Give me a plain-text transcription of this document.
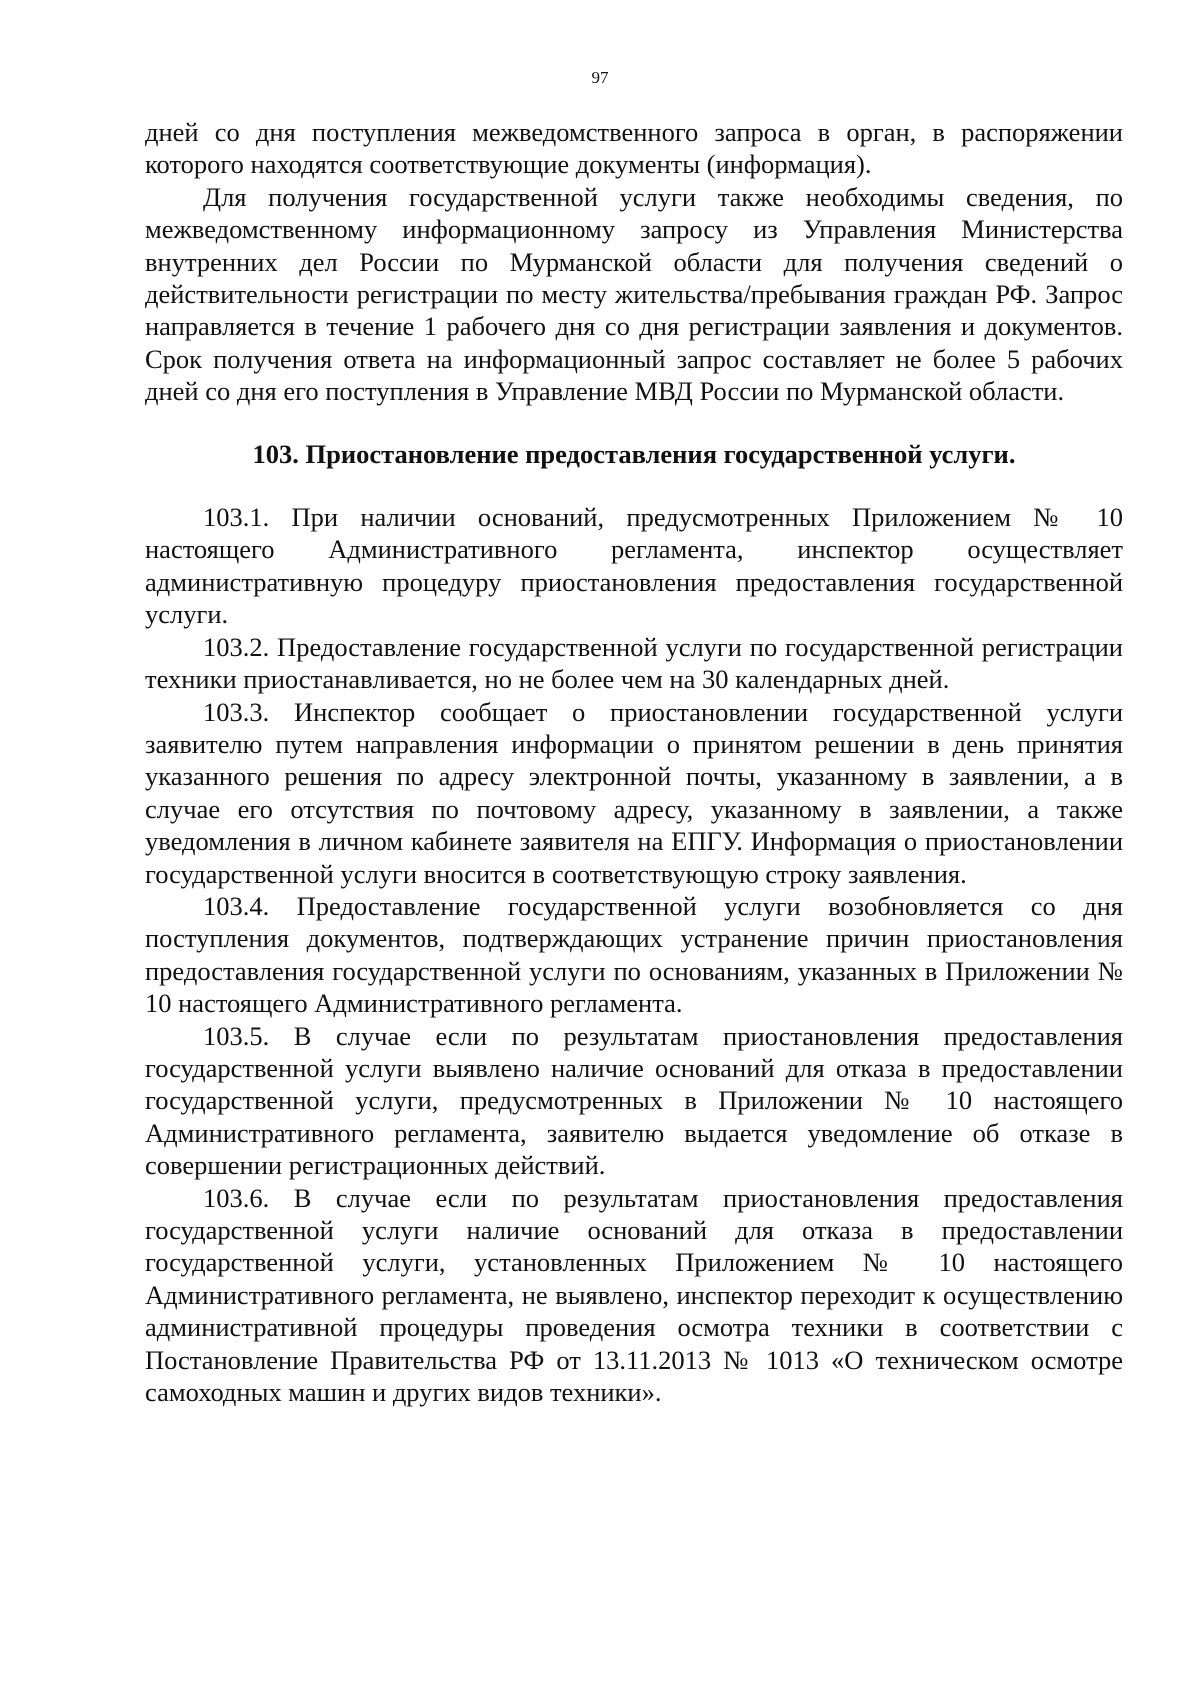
97

дней со дня поступления межведомственного запроса в орган, в распоряжении которого находятся соответствующие документы (информация).

Для получения государственной услуги также необходимы сведения, по межведомственному информационному запросу из Управления Министерства внутренних дел России по Мурманской области для получения сведений о действительности регистрации по месту жительства/пребывания граждан РФ. Запрос направляется в течение 1 рабочего дня со дня регистрации заявления и документов. Срок получения ответа на информационный запрос составляет не более 5 рабочих дней со дня его поступления в Управление МВД России по Мурманской области.

103. Приостановление предоставления государственной услуги.

103.1. При наличии оснований, предусмотренных Приложением № 10 настоящего Административного регламента, инспектор осуществляет административную процедуру приостановления предоставления государственной услуги.

103.2. Предоставление государственной услуги по государственной регистрации техники приостанавливается, но не более чем на 30 календарных дней.

103.3. Инспектор сообщает о приостановлении государственной услуги заявителю путем направления информации о принятом решении в день принятия указанного решения по адресу электронной почты, указанному в заявлении, а в случае его отсутствия по почтовому адресу, указанному в заявлении, а также уведомления в личном кабинете заявителя на ЕПГУ. Информация о приостановлении государственной услуги вносится в соответствующую строку заявления.

103.4. Предоставление государственной услуги возобновляется со дня поступления документов, подтверждающих устранение причин приостановления предоставления государственной услуги по основаниям, указанных в Приложении № 10 настоящего Административного регламента.

103.5. В случае если по результатам приостановления предоставления государственной услуги выявлено наличие оснований для отказа в предоставлении государственной услуги, предусмотренных в Приложении № 10 настоящего Административного регламента, заявителю выдается уведомление об отказе в совершении регистрационных действий.

103.6. В случае если по результатам приостановления предоставления государственной услуги наличие оснований для отказа в предоставлении государственной услуги, установленных Приложением № 10 настоящего Административного регламента, не выявлено, инспектор переходит к осуществлению административной процедуры проведения осмотра техники в соответствии с Постановление Правительства РФ от 13.11.2013 № 1013 «О техническом осмотре самоходных машин и других видов техники».
